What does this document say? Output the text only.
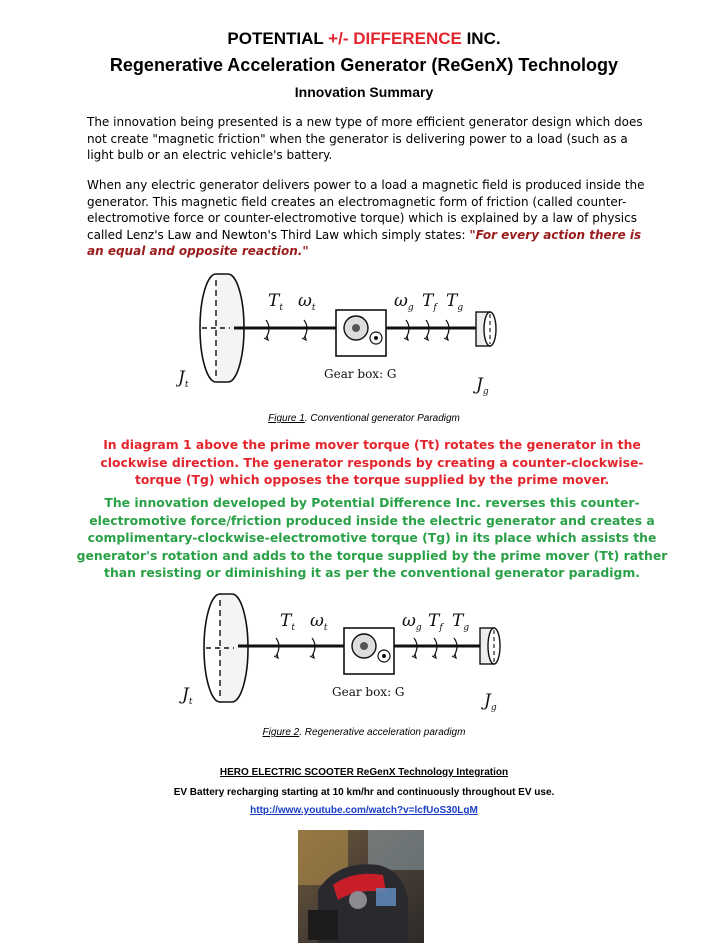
POTENTIAL +/- DIFFERENCE INC.
Regenerative Acceleration Generator (ReGenX) Technology
Innovation Summary
The innovation being presented is a new type of more efficient generator design which does not create "magnetic friction" when the generator is delivering power to a load (such as a light bulb or an electric vehicle's battery.
When any electric generator delivers power to a load a magnetic field is produced inside the generator. This magnetic field creates an electromagnetic form of friction (called counter-electromotive force or counter-electromotive torque) which is explained by a law of physics called Lenz's Law and Newton's Third Law which simply states: "For every action there is an equal and opposite reaction."
$J_t$
$T_t$ $\omega_t$	$\omega_g$ $T_f$ $T_g$
$J_g$
Gear box: G
Figure 1. Conventional generator Paradigm
In diagram 1 above the prime mover torque (Tt) rotates the generator in the clockwise direction. The generator responds by creating a counter-clockwise-torque (Tg) which opposes the torque supplied by the prime mover.
The innovation developed by Potential Difference Inc. reverses this counter-electromotive force/friction produced inside the electric generator and creates a complimentary-clockwise-electromotive torque (Tg) in its place which assists the generator's rotation and adds to the torque supplied by the prime mover (Tt) rather than resisting or diminishing it as per the conventional generator paradigm.
$J_t$
$T_t$ $\omega_t$	$\omega_g$ $T_f$ $T_g$
$J_g$
Gear box: G
Figure 2. Regenerative acceleration paradigm
HERO ELECTRIC SCOOTER ReGenX Technology Integration
EV Battery recharging starting at 10 km/hr and continuously throughout EV use.
http://www.youtube.com/watch?v=lcfUoS30LgM
